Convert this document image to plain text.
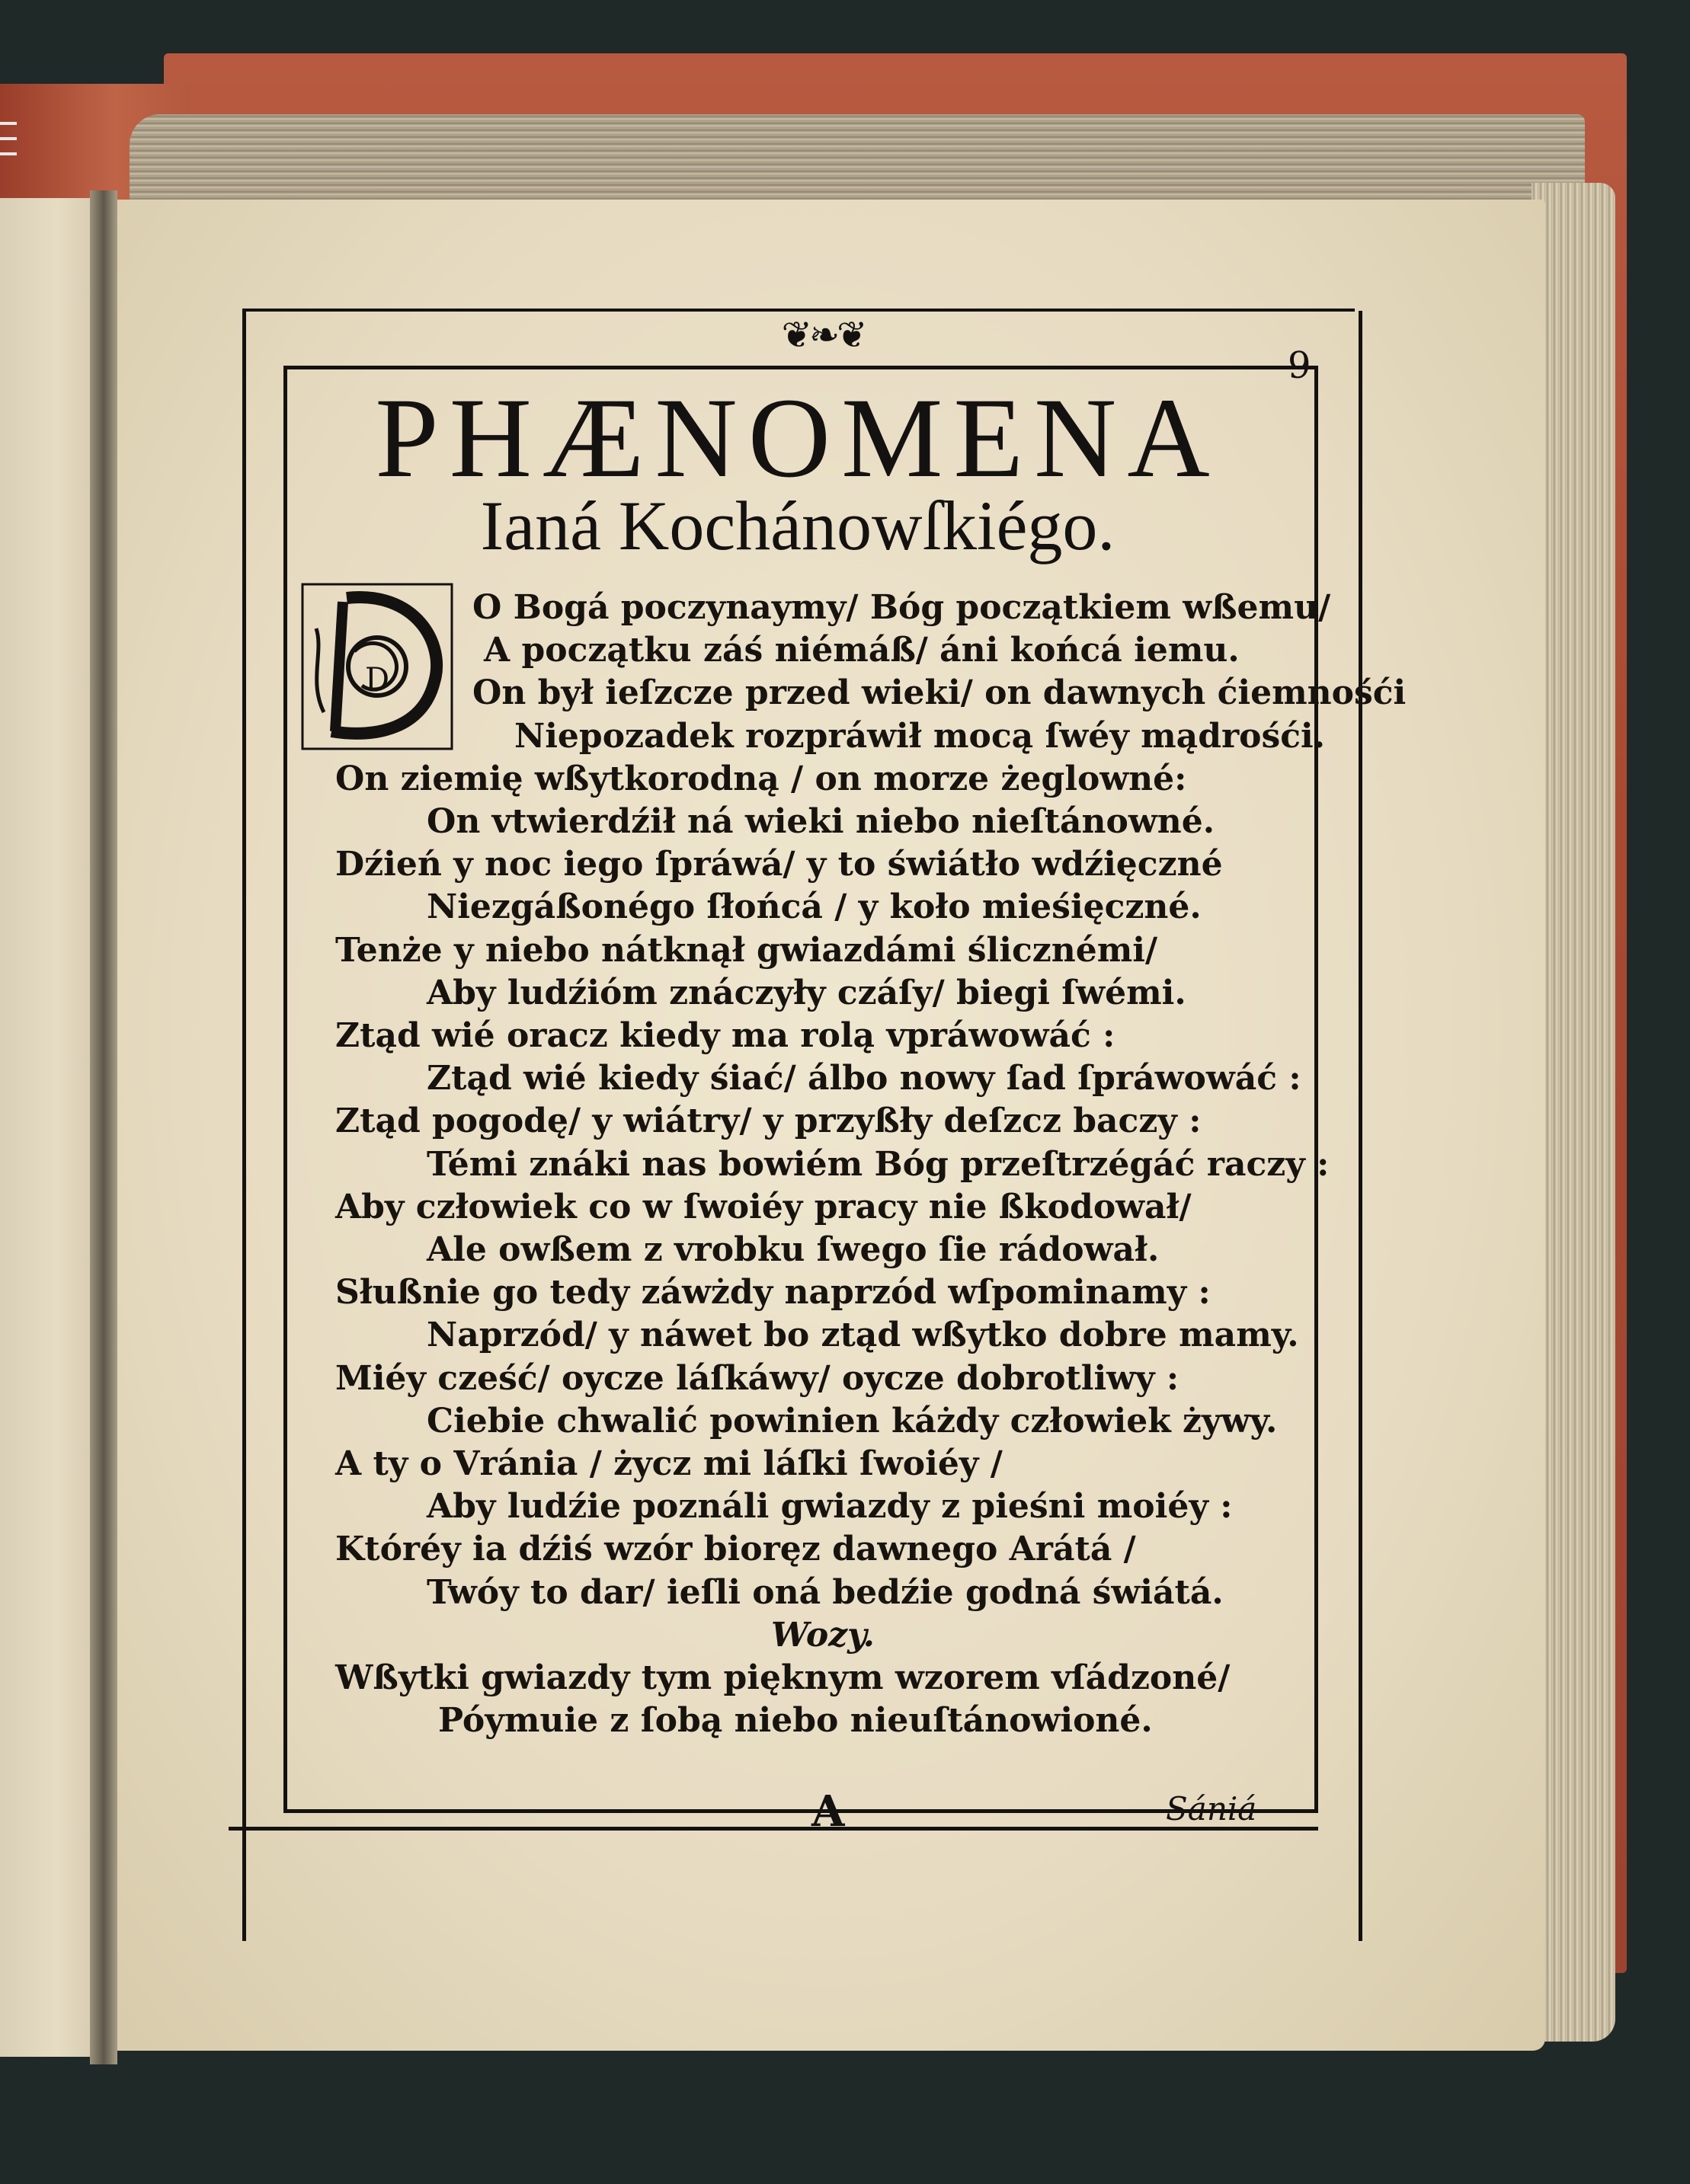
❦❧❦
9
PHÆNOMENA
Ianá Kochánowſkiégo.
D
O Bogá poczynaymy/ Bóg początkiem wßemu/
A początku záś niémáß/ áni końcá iemu.
On był ieſzcze przed wieki/ on dawnych ćiemnośći
Niepozadek rozpráwił mocą ſwéy mądrośći.
On ziemię wßytkorodną / on morze żeglowné:
On vtwierdźił ná wieki niebo nieſtánowné.
Dźień y noc iego ſpráwá/ y to świátło wdźięczné
Niezgáßonégo ſłońcá / y koło mieśięczné.
Tenże y niebo nátknął gwiazdámi ślicznémi/
Aby ludźióm znáczyły czáſy/ biegi ſwémi.
Ztąd wié oracz kiedy ma rolą vpráwowáć :
Ztąd wié kiedy śiać/ álbo nowy ſad ſpráwowáć :
Ztąd pogodę/ y wiátry/ y przyßły deſzcz baczy :
Témi znáki nas bowiém Bóg przeſtrzégáć raczy :
Aby człowiek co w ſwoiéy pracy nie ßkodował/
Ale owßem z vrobku ſwego ſie rádował.
Słußnie go tedy záwżdy naprzód wſpominamy :
Naprzód/ y náwet bo ztąd wßytko dobre mamy.
Miéy cześć/ oycze láſkáwy/ oycze dobrotliwy :
Ciebie chwalić powinien káżdy człowiek żywy.
A ty o Vránia / życz mi láſki ſwoiéy /
Aby ludźie poználi gwiazdy z pieśni moiéy :
Któréy ia dźiś wzór bioręz dawnego Arátá /
Twóy to dar/ ieſli oná bedźie godná świátá.
Wozy.
Wßytki gwiazdy tym pięknym wzorem vſádzoné/
Póymuie z ſobą niebo nieuſtánowioné.
A	Sániá
